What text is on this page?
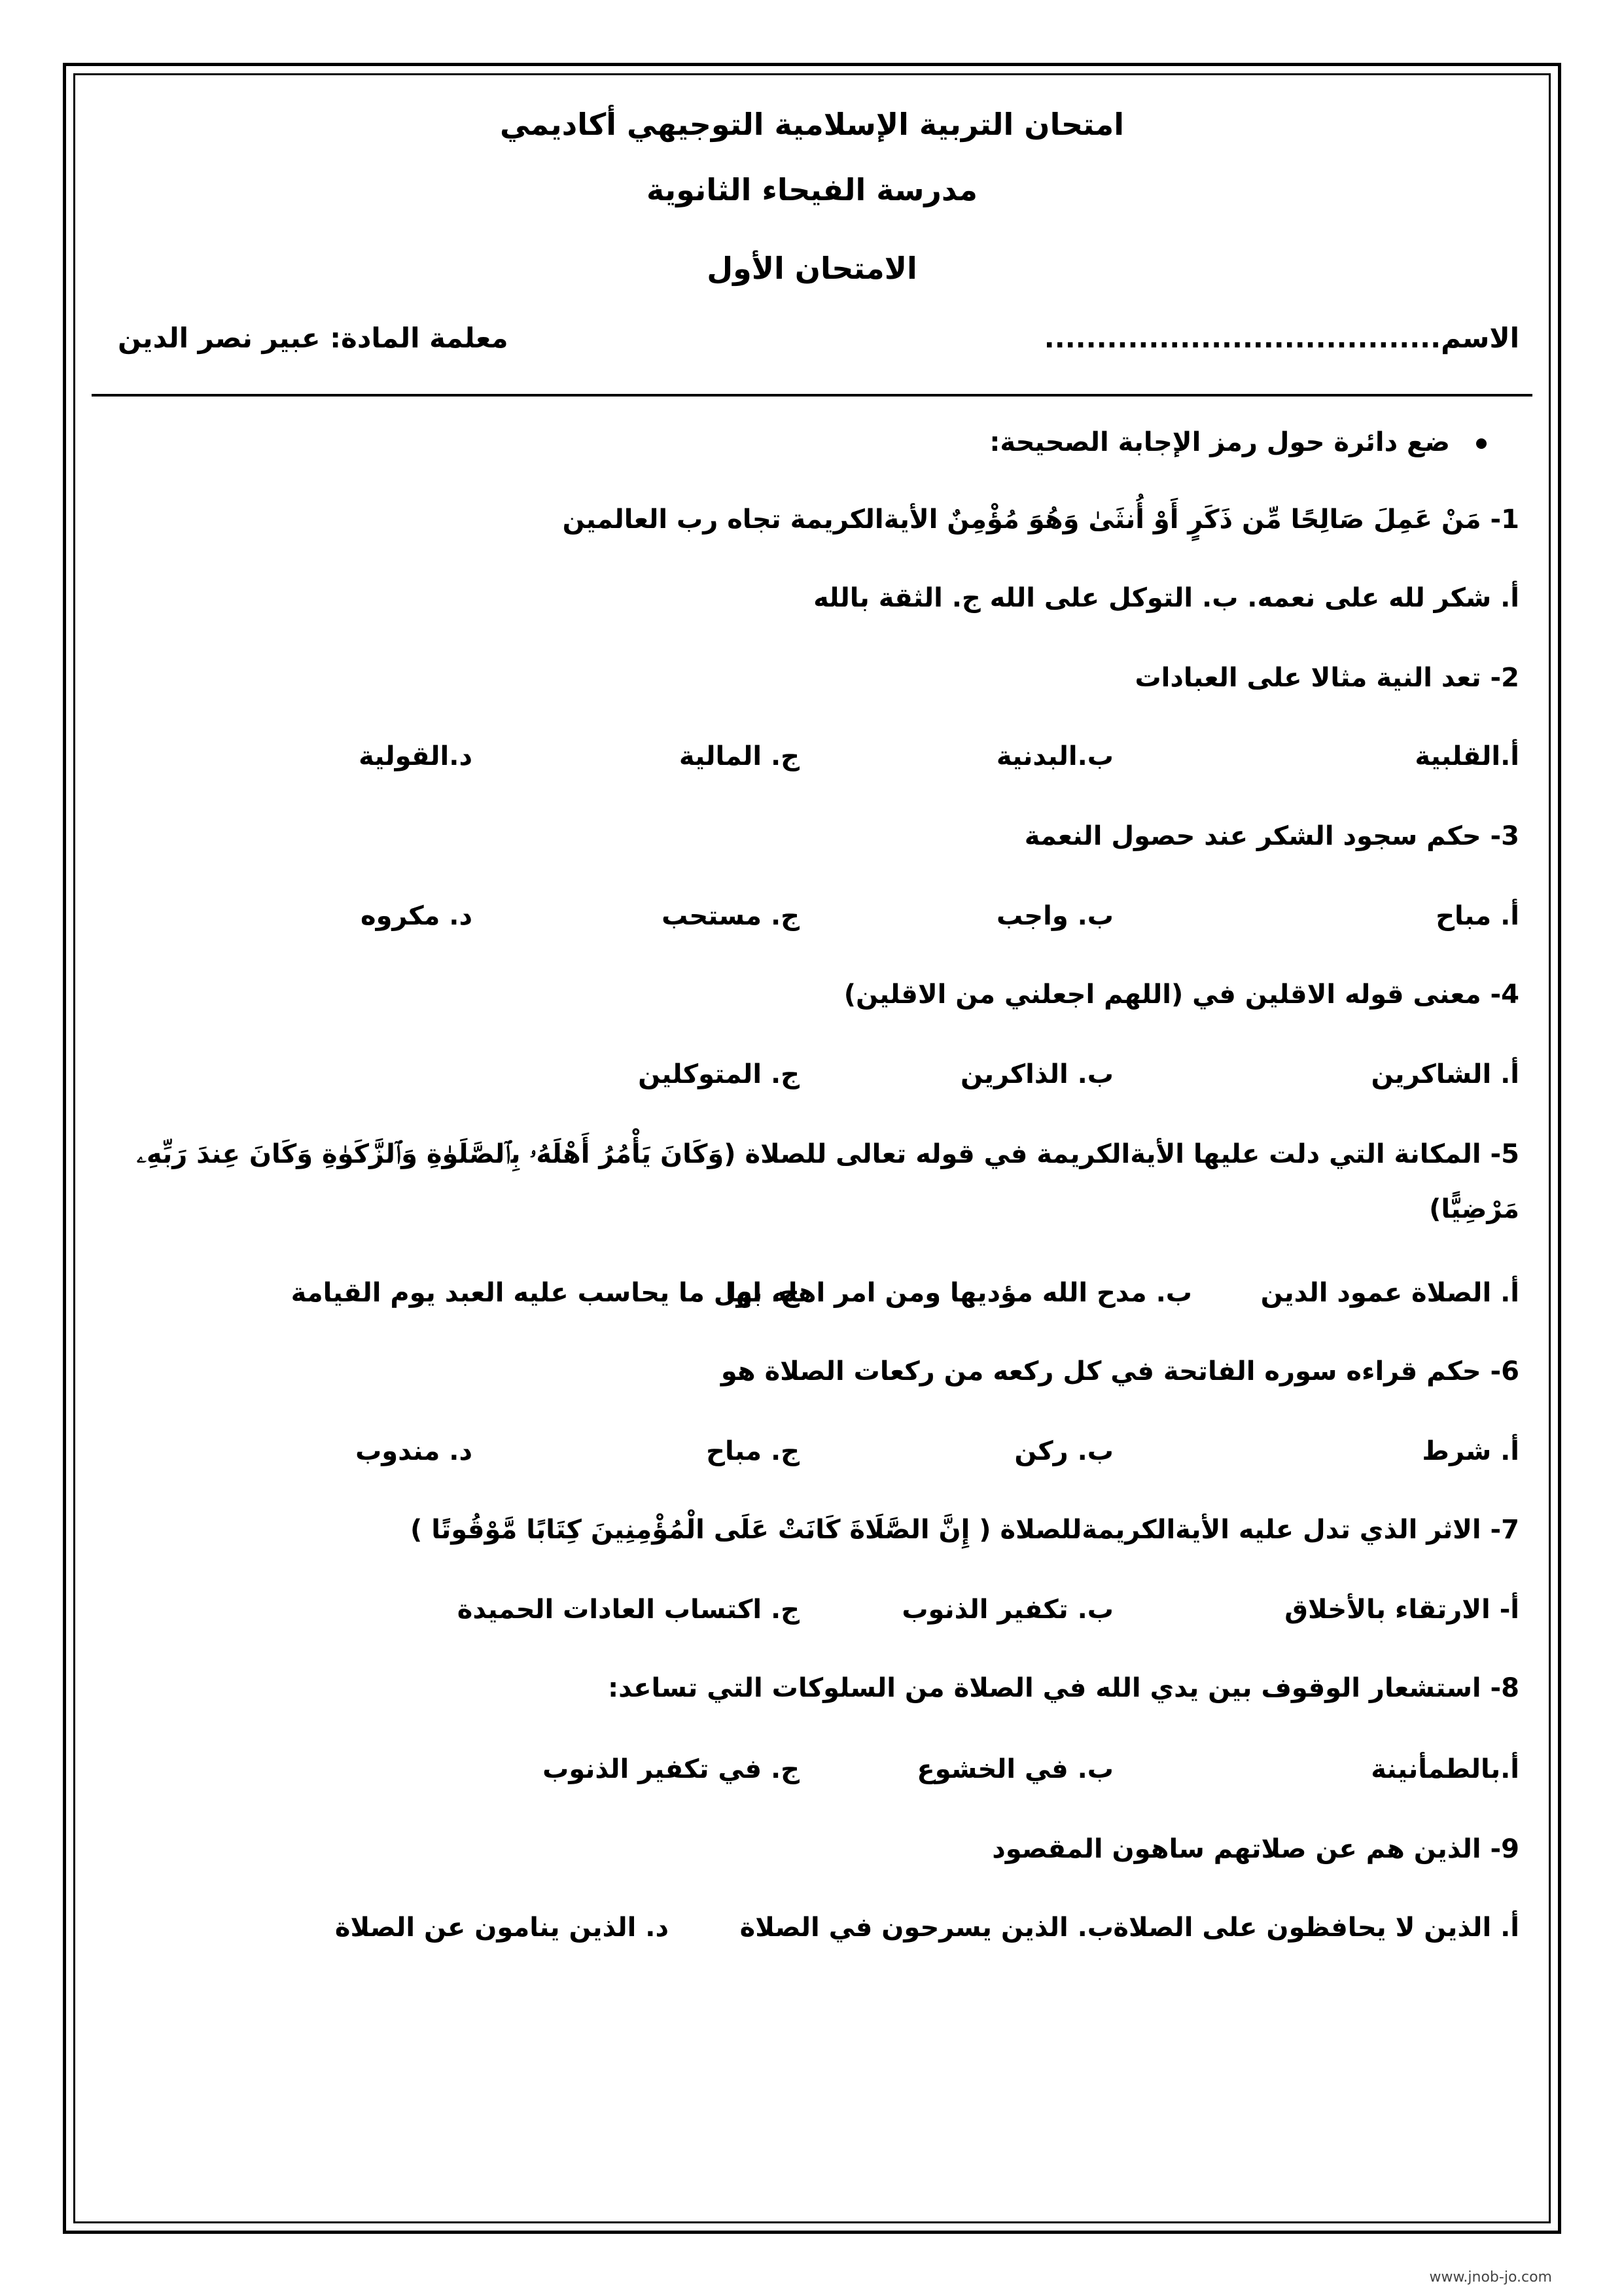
امتحان التربية الإسلامية التوجيهي أكاديمي
مدرسة الفيحاء الثانوية
الامتحان الأول
الاسم......................................
معلمة المادة: عبير نصر الدين
ضع دائرة حول رمز الإجابة الصحيحة:
1- مَنْ عَمِلَ صَالِحًا مِّن ذَكَرٍ أَوْ أُنثَىٰ وَهُوَ مُؤْمِنٌ الأيةالكريمة تجاه رب العالمين
أ. شكر لله على نعمه. ب. التوكل على الله ج. الثقة بالله
2- تعد النية مثالا على العبادات
أ.القلبية
ب.البدنية
ج. المالية
د.القولية
3- حكم سجود الشكر عند حصول النعمة
أ. مباح
ب. واجب
ج. مستحب
د. مكروه
4- معنى قوله الاقلين في (اللهم اجعلني من الاقلين)
أ. الشاكرين
ب. الذاكرين
ج. المتوكلين
5- المكانة التي دلت عليها الأيةالكريمة في قوله تعالى للصلاة (وَكَانَ يَأْمُرُ أَهْلَهُۥ بِٱلصَّلَوٰةِ وَٱلزَّكَوٰةِ وَكَانَ عِندَ رَبِّهِۦ
مَرْضِيًّا)
أ. الصلاة عمود الدين
ب. مدح الله مؤديها ومن امر اهله بها
ج. اول ما يحاسب عليه العبد يوم القيامة
6- حكم قراءه سوره الفاتحة في كل ركعه من ركعات الصلاة هو
أ. شرط
ب. ركن
ج. مباح
د. مندوب
7- الاثر الذي تدل عليه الأيةالكريمةللصلاة ( إِنَّ الصَّلَاةَ كَانَتْ عَلَى الْمُؤْمِنِينَ كِتَابًا مَّوْقُوتًا )
أ- الارتقاء بالأخلاق
ب. تكفير الذنوب
ج. اكتساب العادات الحميدة
8- استشعار الوقوف بين يدي الله في الصلاة من السلوكات التي تساعد:
أ.بالطمأنينة
ب. في الخشوع
ج. في تكفير الذنوب
9- الذين هم عن صلاتهم ساهون المقصود
أ. الذين لا يحافظون على الصلاة
ب. الذين يسرحون في الصلاة
د. الذين ينامون عن الصلاة
www.jnob-jo.com
